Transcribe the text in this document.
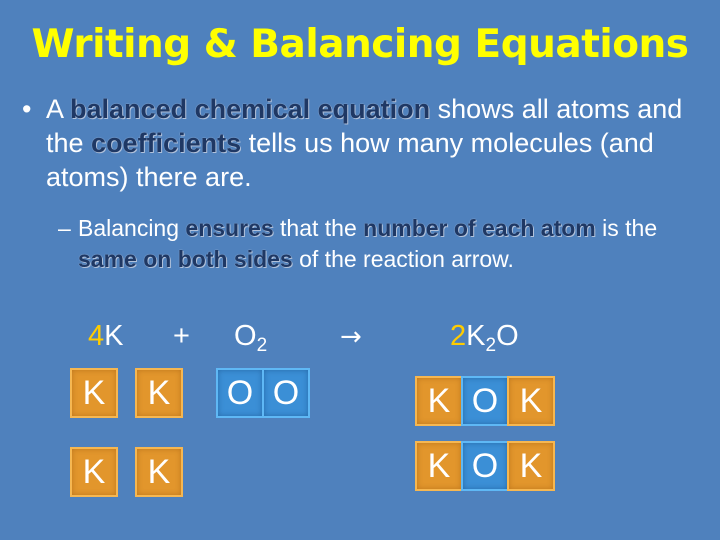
Writing & Balancing Equations
• A balanced chemical equation shows all atoms and the coefficients tells us how many molecules (and atoms) there are.
– Balancing ensures that the number of each atom is the same on both sides of the reaction arrow.
$4K + O_2$	→	$2K_2O$
K	K
K	K
O O	K O K
K O K
